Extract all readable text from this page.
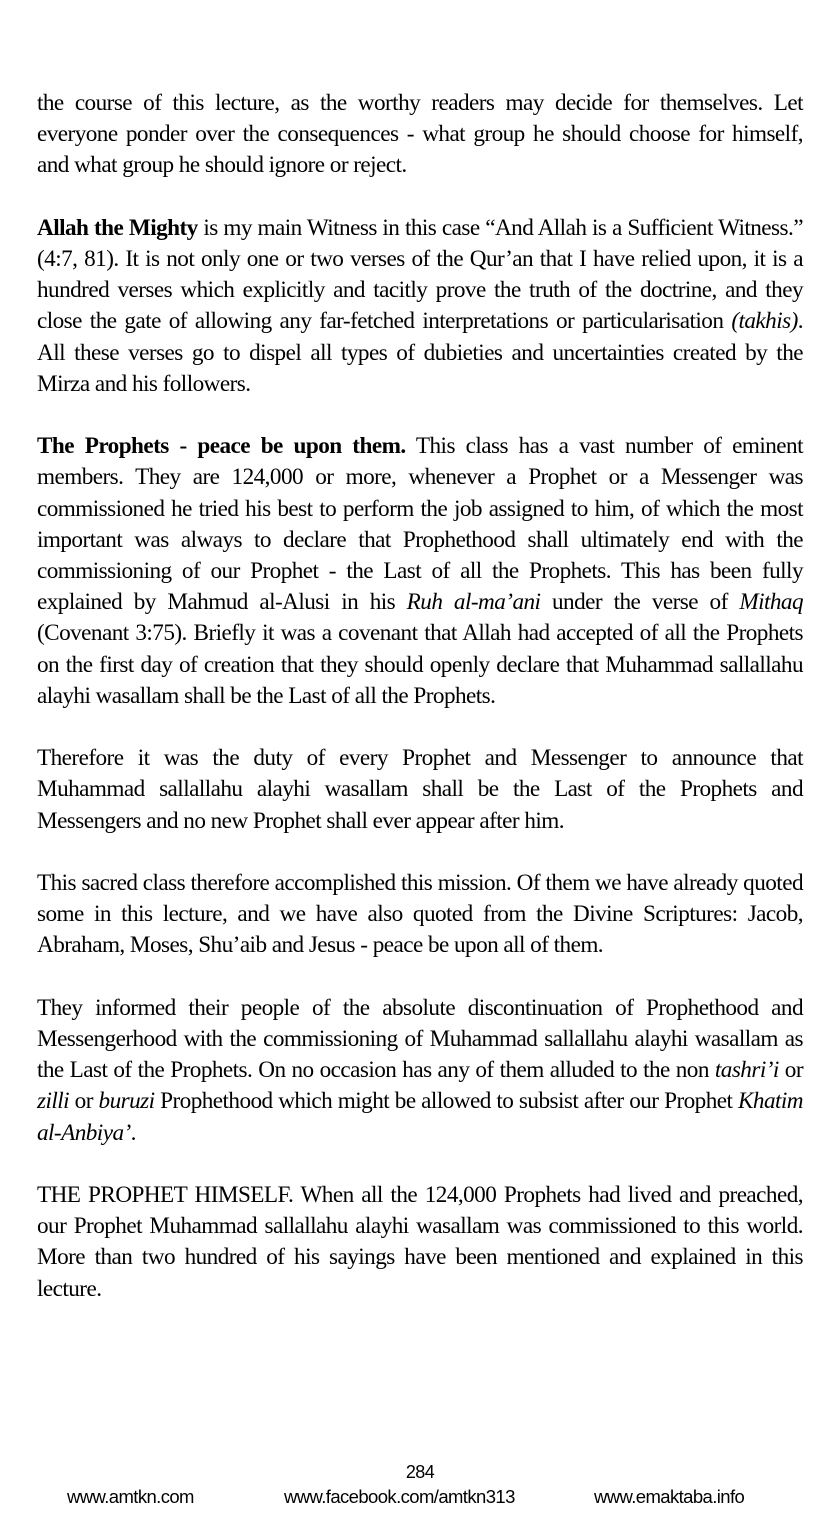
the course of this lecture, as the worthy readers may decide for themselves. Let everyone ponder over the consequences - what group he should choose for himself, and what group he should ignore or reject.

Allah the Mighty is my main Witness in this case “And Allah is a Sufficient Witness.” (4:7, 81). It is not only one or two verses of the Qur’an that I have relied upon, it is a hundred verses which explicitly and tacitly prove the truth of the doctrine, and they close the gate of allowing any far-fetched interpretations or particularisation (takhis). All these verses go to dispel all types of dubieties and uncertainties created by the Mirza and his followers.

The Prophets - peace be upon them. This class has a vast number of eminent members. They are 124,000 or more, whenever a Prophet or a Messenger was commissioned he tried his best to perform the job assigned to him, of which the most important was always to declare that Prophethood shall ultimately end with the commissioning of our Prophet - the Last of all the Prophets. This has been fully explained by Mahmud al-Alusi in his Ruh al-ma’ani under the verse of Mithaq (Covenant 3:75). Briefly it was a covenant that Allah had accepted of all the Prophets on the first day of creation that they should openly declare that Muhammad sallallahu alayhi wasallam shall be the Last of all the Prophets.

Therefore it was the duty of every Prophet and Messenger to announce that Muhammad sallallahu alayhi wasallam shall be the Last of the Prophets and Messengers and no new Prophet shall ever appear after him.

This sacred class therefore accomplished this mission. Of them we have already quoted some in this lecture, and we have also quoted from the Divine Scriptures: Jacob, Abraham, Moses, Shu’aib and Jesus - peace be upon all of them.

They informed their people of the absolute discontinuation of Prophethood and Messengerhood with the commissioning of Muhammad sallallahu alayhi wasallam as the Last of the Prophets. On no occasion has any of them alluded to the non tashri’i or zilli or buruzi Prophethood which might be allowed to subsist after our Prophet Khatim al-Anbiya’.

THE PROPHET HIMSELF. When all the 124,000 Prophets had lived and preached, our Prophet Muhammad sallallahu alayhi wasallam was commissioned to this world. More than two hundred of his sayings have been mentioned and explained in this lecture.

284
www.amtkn.com	www.facebook.com/amtkn313	www.emaktaba.info
